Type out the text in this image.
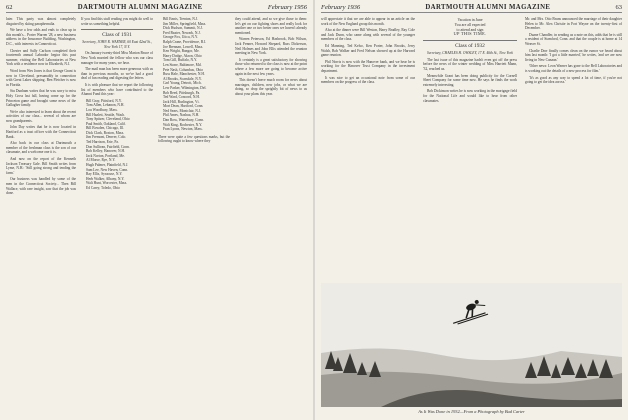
62	DARTMOUTH ALUMNI MAGAZINE	February 1956

later. This party was almost completely disguised by skiing paraphernalia.

We have a few odds and ends to clear up in this month's... Porter Warren '28, a new business address in the Insurance Building, Washington, D.C., with interests in Connecticut.

Chester and Sally Carlson completed their fourteenth annual Labrador hegira this past summer, visiting the Bell Laboratories at New York with a residence now in Elizabeth, N.J.

Word from Wes Jones is that George Grant is now in Cleveland, presumably in connection with Great Lakes shipping. Ben Fletcher is now in Florida.

Stu Dunham writes that he was sorry to miss Holy Cross last fall, having come up for the Princeton game and brought some news of the Gallagher family.

We're also interested to learn about the recent activities of our class... several of whom are now grandparents.

John Day writes that he is now located in Hartford as a trust officer with the Connecticut Bank.

Also back in our class at Dartmouth a member of the freshman class is the son of our classmate, and a welcome one it is.

And now on the report of the Kenneth Jackson Treasury Gale. Bill Smith writes from Lyme, N.H.: 'Still going strong and tending the farm.'

Our business was handled by some of the men in the Connecticut Society... Then Bill Wallace, with rare insight, saw that the job was done.

If you find this stuff reading you might do well to write us something helpful.

Class of 1931
Secretary, JOHN R. WARNER, 60 East 42nd St., New York 17, N.Y.

On January twenty-third Miss Marion Bruce of New York married the fellow who was our class manager for many years, we hear.

The mail man has been more generous with us than in previous months, so we've had a good deal of fun reading and digesting the letters.

It is with pleasure that we report the following list of members who have contributed to the Alumni Fund this year:

Bill Gray, Pittsford, N.Y.
Tom Allen, Lebanon, N.H.
Lou Woodbury, Mass.
Bill Hazlett, Seattle, Wash.
Tony Spitzer, Cleveland, Ohio
Paul Smith, Oakland, Calif.
Bill Bowden, Chicago, Ill.
Dick Clark, Boston, Mass.
Jim Fremont, Denver, Colo.
Ted Harrison, Erie, Pa.
Don Sullivan, Fairfield, Conn.
Bob Kelley, Hanover, N.H.
Jack Norton, Portland, Me.
Al Morse, Rye, N.Y.
Hugh Palmer, Plainfield, N.J.
Sam Lee, New Haven, Conn.
Ray Ellis, Syracuse, N.Y.
Herb Walker, Albany, N.Y.
Walt Hunt, Worcester, Mass.
Ed Carey, Toledo, Ohio
Bill Ennis, Trenton, N.J.
Jim Miller, Springfield, Mass.
Dick Hudson, Summit, N.J.
Fred Baxter, Newark, N.J.
George Fox, Utica, N.Y.
Ralph Crane, Providence, R.I.
Joe Brennan, Lowell, Mass.
Ken Wright, Bangor, Me.
Harry Dodge, Akron, Ohio
Tom Gill, Buffalo, N.Y.
Len Stone, Baltimore, Md.
Pete Nash, Columbus, Ohio
Russ Hale, Manchester, N.H.
Al Brooks, Scarsdale, N.Y.
Carl Young, Detroit, Mich.
Lew Parker, Wilmington, Del.
Bob Reed, Pittsburgh, Pa.
Ted Ward, Concord, N.H.
Jack Hill, Burlington, Vt.
Mort Dean, Hartford, Conn.
Ned Sears, Montclair, N.J.
Phil Ames, Nashua, N.H.
Dan Ross, Waterbury, Conn.
Walt King, Rochester, N.Y.
Fran Lyons, Newton, Mass.

There were quite a few questions marks, but the following ought to know where they

they could attend, and so we give those to them: let's get on our fighting shoes and really look for another one or two better ones we haven't already mentioned.

Warren Peterson, Ed Hasbrook, Bob Wilson, Jack Fenner, Howard Shepard, Russ Dickerson, Neil Holmes and John Ellis attended the reunion meeting in New York.

It certainly is a great satisfactory for showing those who returned to the class is now at the point where a few more are going to become active again in the next few years.

This doesn't leave much room for news about marriages, children, new jobs, or what we are doing, so drop the sprightly bit of news to us about your plans this year.

February 1936	DARTMOUTH ALUMNI MAGAZINE	63

will appreciate it that we are able to appear in an article on the work of the New England group this month.

Also at the dinner were Bill Weston, Harry Bradley, Ray Cole and Jack Dunn, who came along with several of the younger members of the class.

Ed Manning, Ted Kelso, Ken Porter, John Brooks, Jerry Walsh, Bob Walker and Fred Nelson showed up at the Harvard game reunion.

Phil Norris is now with the Hanover bank, and we hear he is working for the Hanover Trust Company in the investment department.

It was nice to get an occasional note from some of our members on the progress of the class.

Vacation in June
You are all expected
to attend and sign
UP THIS TIME.
Class of 1932
Secretary, CHARLES H. OWSLEY, 17 E. 46th St., New York

The last issue of this magazine hadn't even got off the press before the news of the winter wedding of Miss Harriett Mann, '32, reached us.

Meanwhile Grant has been doing publicity for the Cornell Sheet Company for some time now. He says he finds the work extremely interesting.

Bob Dickinson writes he is now working in the mortgage field for the National Life and would like to hear from other classmates.

Mr. and Mrs. Otto Bruns announced the marriage of their daughter Helen to Mr. Alex Christie in Fort Wayne on the twenty-first of December.

Duane Chandler, in sending us a note on this, adds that he is still a resident of Stamford, Conn. and that the couple is at home at 14 Weaver St.

Charlie Dorr finally comes clean on the rumor we heard about him last month: 'I got a little married,' he writes, 'and we are now living in New Canaan.'

'Other news: Leon Warner has gone to the Bell Laboratories and is working out the details of a new process for film.'

'It's as good as any way to spend a lot of time, if you're not going to get the idea across.'

As It Was Done in 1932—From a Photograph by Bud Carter
